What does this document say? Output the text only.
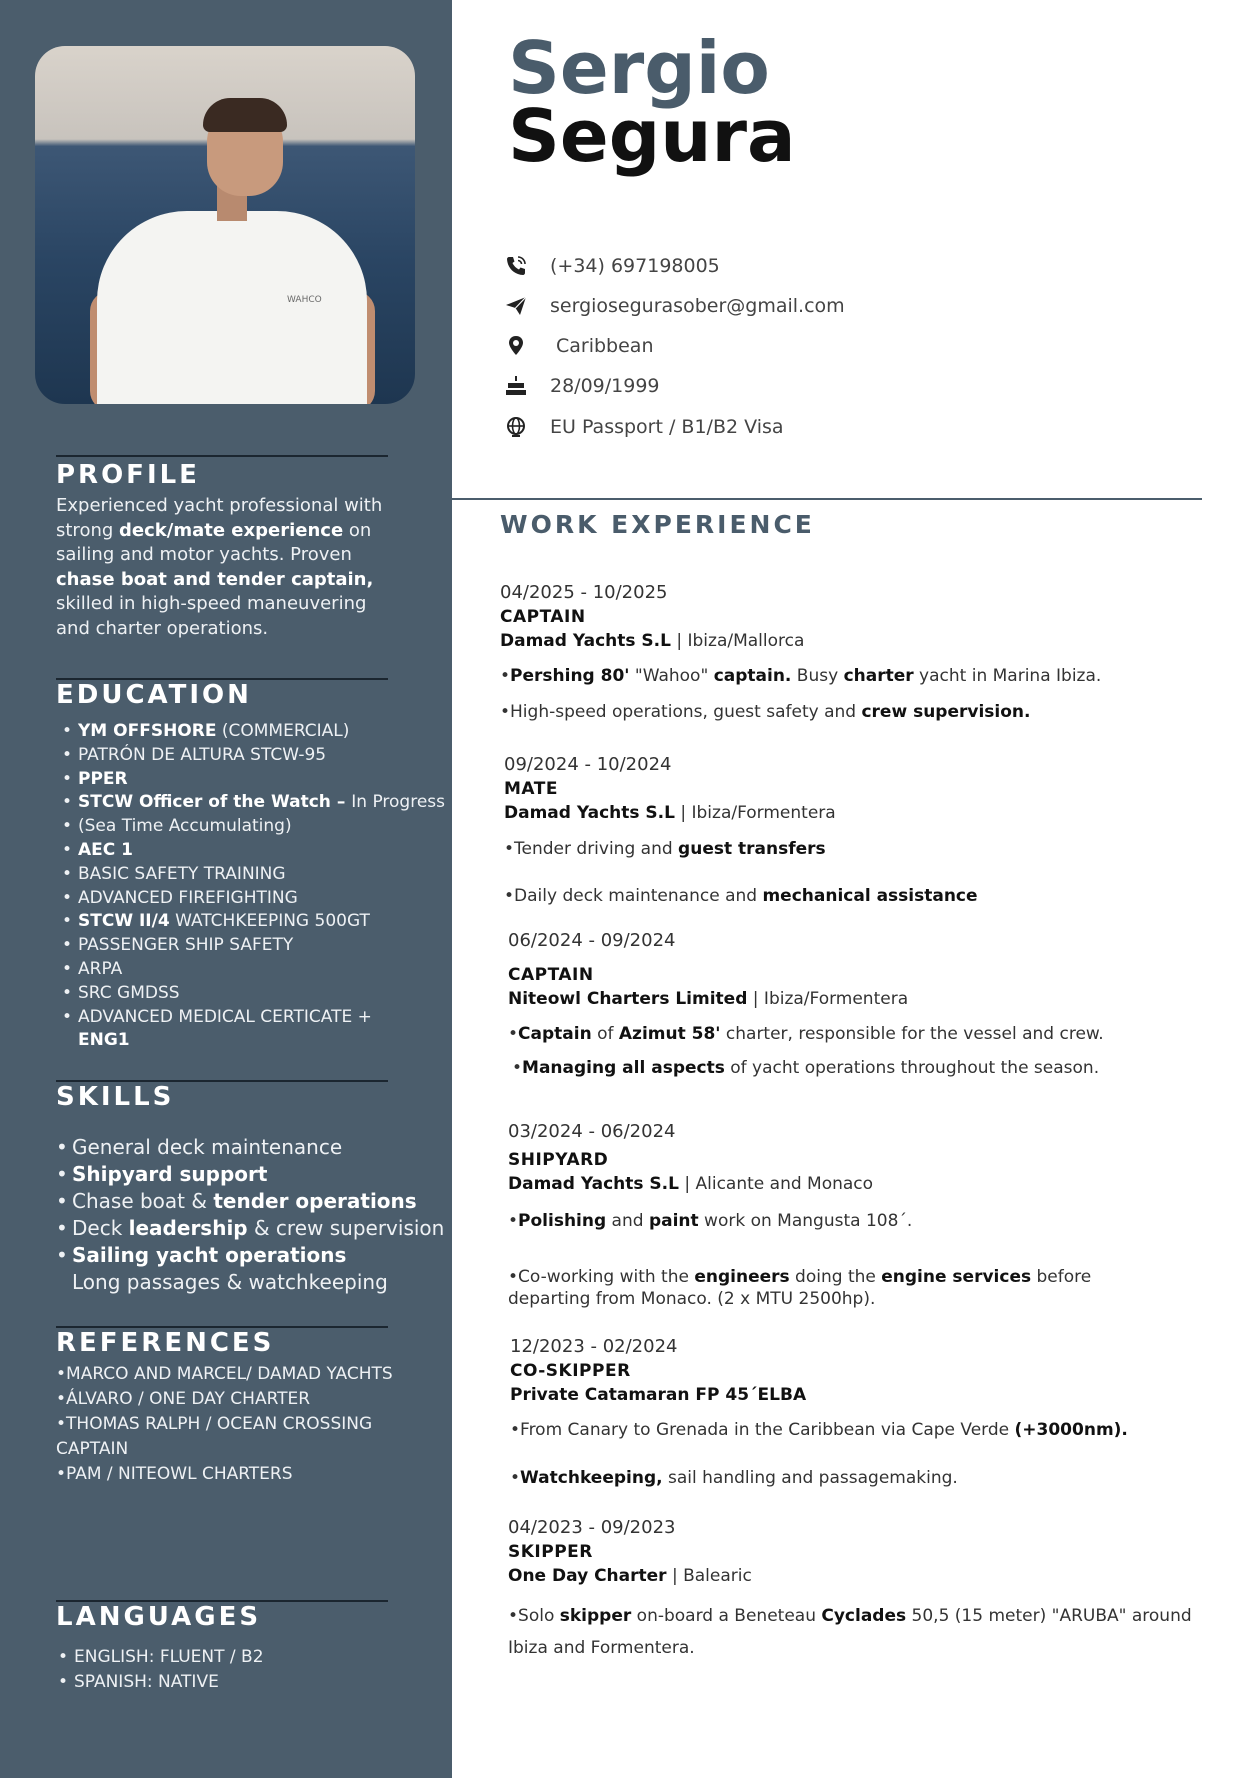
WAHCO
PROFILE
Experienced yacht professional with strong deck/mate experience on sailing and motor yachts. Proven chase boat and tender captain, skilled in high-speed maneuvering and charter operations.
EDUCATION
• YM OFFSHORE (COMMERCIAL)
• PATRÓN DE ALTURA STCW-95
• PPER
• STCW Officer of the Watch – In Progress
• (Sea Time Accumulating)
• AEC 1
• BASIC SAFETY TRAINING
• ADVANCED FIREFIGHTING
• STCW II/4 WATCHKEEPING 500GT
• PASSENGER SHIP SAFETY
• ARPA
• SRC GMDSS
• ADVANCED MEDICAL CERTICATE +
ENG1
SKILLS
• General deck maintenance
• Shipyard support
• Chase boat & tender operations
• Deck leadership & crew supervision
• Sailing yacht operations
Long passages & watchkeeping
REFERENCES
•MARCO AND MARCEL/ DAMAD YACHTS
•ÁLVARO / ONE DAY CHARTER
•THOMAS RALPH / OCEAN CROSSING CAPTAIN
•PAM / NITEOWL CHARTERS
LANGUAGES
• ENGLISH: FLUENT / B2
• SPANISH: NATIVE
Sergio
Segura
(+34) 697198005
sergiosegurasober@gmail.com
Caribbean
28/09/1999
EU Passport / B1/B2 Visa
WORK EXPERIENCE
04/2025 - 10/2025
CAPTAIN
Damad Yachts S.L | Ibiza/Mallorca
•Pershing 80' "Wahoo" captain. Busy charter yacht in Marina Ibiza.
•High-speed operations, guest safety and crew supervision.
09/2024 - 10/2024
MATE
Damad Yachts S.L | Ibiza/Formentera
•Tender driving and guest transfers
•Daily deck maintenance and mechanical assistance
06/2024 - 09/2024
CAPTAIN
Niteowl Charters Limited | Ibiza/Formentera
•Captain of Azimut 58' charter, responsible for the vessel and crew.
•Managing all aspects of yacht operations throughout the season.
03/2024 - 06/2024
SHIPYARD
Damad Yachts S.L | Alicante and Monaco
•Polishing and paint work on Mangusta 108´.
•Co-working with the engineers doing the engine services before departing from Monaco. (2 x MTU 2500hp).
12/2023 - 02/2024
CO-SKIPPER
Private Catamaran FP 45´ELBA
•From Canary to Grenada in the Caribbean via Cape Verde (+3000nm).
•Watchkeeping, sail handling and passagemaking.
04/2023 - 09/2023
SKIPPER
One Day Charter | Balearic
•Solo skipper on-board a Beneteau Cyclades 50,5 (15 meter) "ARUBA" around Ibiza and Formentera.
